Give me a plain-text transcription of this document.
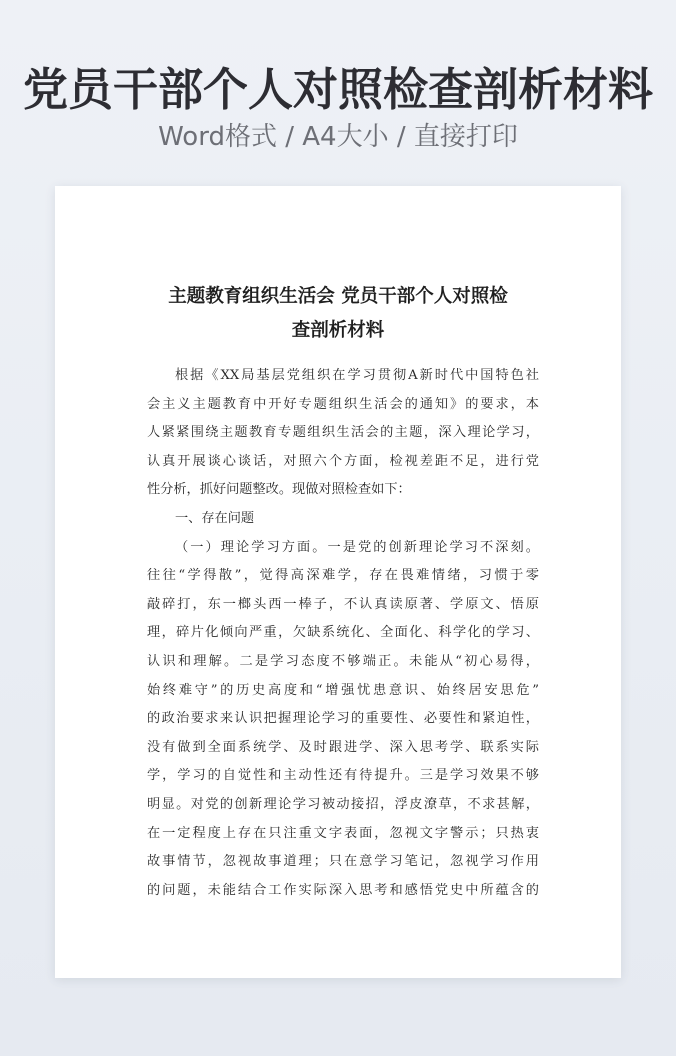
党员干部个人对照检查剖析材料
Word格式 / A4大小 / 直接打印
主题教育组织生活会 党员干部个人对照检
查剖析材料
根据《XX局基层党组织在学习贯彻A新时代中国特色社
会主义主题教育中开好专题组织生活会的通知》的要求，本
人紧紧围绕主题教育专题组织生活会的主题，深入理论学习，
认真开展谈心谈话，对照六个方面，检视差距不足，进行党
性分析，抓好问题整改。现做对照检查如下：
一、存在问题
（一）理论学习方面。一是党的创新理论学习不深刻。
往往“学得散”，觉得高深难学，存在畏难情绪，习惯于零
敲碎打，东一榔头西一棒子，不认真读原著、学原文、悟原
理，碎片化倾向严重，欠缺系统化、全面化、科学化的学习、
认识和理解。二是学习态度不够端正。未能从“初心易得，
始终难守”的历史高度和“增强忧患意识、始终居安思危”
的政治要求来认识把握理论学习的重要性、必要性和紧迫性，
没有做到全面系统学、及时跟进学、深入思考学、联系实际
学，学习的自觉性和主动性还有待提升。三是学习效果不够
明显。对党的创新理论学习被动接招，浮皮潦草，不求甚解，
在一定程度上存在只注重文字表面，忽视文字警示；只热衷
故事情节，忽视故事道理；只在意学习笔记，忽视学习作用
的问题，未能结合工作实际深入思考和感悟党史中所蕴含的
